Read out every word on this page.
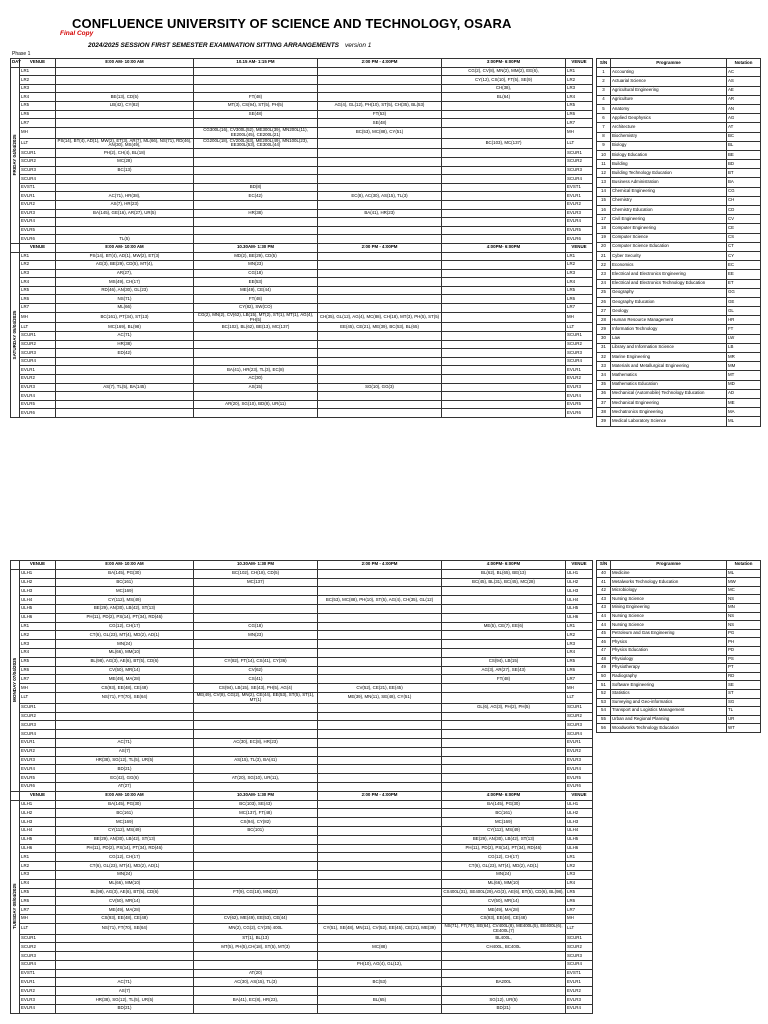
CONFLUENCE UNIVERSITY OF SCIENCE AND TECHNOLOGY, OSARA
Final Copy
2024/2025 SESSION FIRST SEMESTER EXAMINATION SITTING ARRANGEMENTS version 1
Phase 1
DAY	VENUE	8:00 AM- 10:00 AM	10.15 AM- 1:15 PM	2:00 PM - 4:00PM	3:00PM- 6:00PM	VENUE
FRIDAY 04/04/2025	LR1				CG(2), CV(8), MN(2), MM(2), EE(6),	LR1
	LR2				CY(12), CS(10), FT(5), SE(9)	LR2
	LR3				CH(38),	LR3
	LR4	BE(13), CD(5)	FT(48)		BL(64)	LR4
	LR5	LB(42), CY(82)	MT(3), CS(94), ST(5), PH(5)	AG(4), GL(12), PH(10), ST(5), CH(35), BL(53)		LR5
	LR6		SE(48)	FT(53)		LR6
	LR7			SE(48)		LR7
	MH		CG300L(16), CV300L(52), ME300L(39), MN200L(11), EE200L(45), CE200L(21)	BC(53), MC(88), CY(51)		MH
	LLT	PS(14), BT(4), AD(1), MW(2), ET(3), AR(7), ML(66), NS(71), RD(46), AN(30), MS(49),	CG200L(18), CV200L(63), ME200L(49), MN100L(23), EE300L(53), CE300L(44)		BC(103), MC(137)	LLT
	SCUR1	PH(2), CH(4), BL(18)				SCUR1
	SCUR2	MC(28)				SCUR2
	SCUR3	BC(13)				SCUR3
	SCUR4					SCUR4
	EVST1		BD(8)			EVST1
	EVLR1	AC(71), HR(38),	EC(42)	EC(8), AC(30), AS(15), TL(3)		EVLR1
	EVLR2	AS(7), HR(23)				EVLR2
	EVLR3	BA(145), GE(16), AR(27), UR(5)	HR(38)	BA(41), HR(23)		EVLR3
	EVLR4					EVLR4
	EVLR5					EVLR5
	EVLR6	TL(5)				EVLR6
	VENUE	8:00 AM- 10:00 AM	10.30AM- 1:30 PM	2:00 PM - 4:00PM	4:00PM- 6:00PM	VENUE
SATURDAY 05/04/2025	LR1	PS(14), BT(4), AD(1), MW(2), ET(3)	MD(2), BE(29), CD(5)			LR1
	LR2	AG(3), BE(29), CD(5), MT(4),	MN(23)			LR2
	LR3	AR(27),	CG(18)			LR3
	LR4	MS(49), CH(17)	EE(53)			LR4
	LR5	RD(46), AN(30), GL(23)	ME(49), CE(44)			LR5
	LR6	NS(71)	FT(48)			LR6
	LR7	ML(66)	CY(82), SW(CO)			LR7
	MH	BC(161), PT(34), ST(13)	CG(2), MN(2), CV(62), LB(15), MT(2), ST(1), MT(1), AG(4), PH(5)	CH(35), GL(12), AG(4), MC(88), CH(18), MT(3), PH(5), ST(5)		MH
	LLT	MC(169), BL(98)	BC(102), BL(62), BE(13), MC(137)	EE(45), CE(21), ME(39), BC(53), BL(65)		LLT
	SCUR1	AC(71)				SCUR1
	SCUR2	HR(38)				SCUR2
	SCUR3	ED(42)				SCUR3
	SCUR4					SCUR4
	EVLR1		BA(41), HR(23), TL(3), EC(8)			EVLR1
	EVLR2		AC(30)			EVLR2
	EVLR3	AS(7), TL(5), BA(145)	AS(15)	SG(10), GG(3)		EVLR3
	EVLR4					EVLR4
	EVLR5		AR(20), SG(10), BD(8), UR(11)			EVLR5
	EVLR6					EVLR6
S/N	Programme	Notation
1	Accounting	AC
2	Actuarial Science	AS
3	Agricultural Engineering	AE
4	Agriculture	AR
5	Anatomy	AN
6	Applied Geophysics	AG
7	Architecture	AT
8	Biochemistry	BC
9	Biology	BL
10	Biology Education	BE
11	Building	BD
12	Building Technology Education	BT
13	Business Administration	BA
14	Chemical Engineering	CG
15	Chemistry	CH
16	Chemistry Education	CD
17	Civil Engineering	CV
18	Computer Engineering	CE
19	Computer Science	CS
20	Computer Science Education	CT
21	Cyber Security	CY
22	Economics	EC
23	Electrical and Electronics Engineering	EE
24	Electrical and Electronics Technology Education	ET
25	Geography	GG
26	Geography Education	GE
27	Geology	GL
28	Human Resource Management	HR
29	Information Technology	FT
30	Law	LW
31	Library and Information Science	LB
32	Marine Engineering	MR
33	Materials and Metallurgical Engineering	MM
34	Mathematics	MT
35	Mathematics Education	MD
36	Mechanical (Automobile) Technology Education	AD
37	Mechanical Engineering	ME
38	Mechatronics Engineering	MA
39	Medical Laboratory Science	ML
	VENUE	8:00 AM- 10:00 AM	10.30AM- 1:30 PM	2:00 PM - 4:00PM	4:00PM- 6:00PM	VENUE
MONDAY 07/04/2025	ULH1	BA(145), PG(30)	BC(102), CH(18), CD(5)		BL(62), BL(65), BE(13)	ULH1
	ULH2	BC(161)	MC(137)		BC(45), BL(31), BC(45), MC(28)	ULH2
	ULH3	MC(169)				ULH3
	ULH4	CY(112), MS(49)		BC(53), MC(88), PH(10), ST(5), AG(4), CH(35), GL(12)		ULH4
	ULH5	BE(29), AN(30), LB(42), ST(13)				ULH5
	ULH6	PH(11), PD(2), PS(14), PT(34), RD(46)				ULH6
	LR1	CG(12), CH(17)	CG(18)		ME(5), CE(7), EE(6)	LR1
	LR2	CT(6), GL(23), MT(4), MD(2), AD(1)	MN(23)			LR2
	LR3	MN(24)				LR3
	LR4	ML(66), MM(10)				LR4
	LR5	BL(98), AG(3), AE(6), BT(5), CD(6)	CY(82), FT(14), CS(41), CY(36)		CS(94), LB(15)	LR5
	LR6	CV(50), MR(14)	CV(62)		AG(3), AR(27), SE(43)	LR6
	LR7	ME(49), MA(28)	CS(41)		FT(48)	LR7
	MH	CS(93), EE(48), CE(48)	CS(94), LB(15), SE(43), PH(5), AG(4)	CV(52), CE(21), EE(45)		MH
	LLT	NS(71), FT(70), SE(64)	ME(49), CV(8), CG(2), MN(2), CE(44), EE(53), ST(5), ST(1), MT(1)	ME(39), MN(11), SE(48), CY(51)		LLT
	SCUR1				GL(6), AG(3), PH(2), PH(5)	SCUR1
	SCUR2					SCUR2
	SCUR3					SCUR3
	SCUR4					SCUR4
	EVLR1	AC(71)	AC(30), EC(8), HR(23)			EVLR1
	EVLR2	AS(7)				EVLR2
	EVLR3	HR(38), SG(12), TL(5), UR(5)	AS(15), TL(3), BA(41)			EVLR3
	EVLR4	BD(21)				EVLR4
	EVLR5	EC(42), GG(6)	AT(20), SG(10), UR(11),			EVLR5
	EVLR6	AT(27)				EVLR6
	VENUE	8:00 AM- 10:00 AM	10.30AM- 1:30 PM	2:00 PM - 4:00PM	4:00PM- 6:00PM	VENUE
TUESDAY 08/04/2025	ULH1	BA(145), PG(30)	BC(103), SE(43)		BA(145), PG(30)	ULH1
	ULH2	BC(161)	MC(137), FT(48)		BC(161)	ULH2
	ULH3	MC(169)	CS(94), CY(82)		MC(169)	ULH3
	ULH4	CY(112), MS(49)	BC(101)		CY(112), MS(49)	ULH4
	ULH5	BE(29), AN(30), LB(42), ST(13)			BE(29), AN(30), LB(42), ST(13)	ULH5
	ULH6	PH(11), PD(2), PS(14), PT(34), RD(46)			PH(11), PD(2), PS(14), PT(34), RD(46)	ULH6
	LR1	CG(12), CH(17)			CG(12), CH(17)	LR1
	LR2	CT(6), GL(23), MT(4), MD(2), AD(1)			CT(6), GL(23), MT(4), MD(2), AD(1)	LR2
	LR3	MN(24)			MN(24)	LR3
	LR4	ML(66), MM(10)			ML(66), MM(10)	LR4
	LR5	BL(98), AG(3), AE(6), BT(5), CD(6)	FT(9), CG(18), MN(23)		CS400L(31), SE400L(29),AG(3), AE(6), BT(5), CD(6), BL(98),	LR5
	LR6	CV(50), MR(14)			CV(50), MR(14)	LR6
	LR7	ME(49), MA(28)			ME(49), MA(28)	LR7
	MH	CS(93), EE(48), CE(48)	CV(62), ME(49), EE(53), CE(44)		CS(93), EE(48), CE(48)	MH
	LLT	NS(71), FT(70), SE(64)	MN(2), CG(2), CY(25) 400L	CY(51), SE(48), MN(11), CV(52), EE(45), CE(21), ME(39)	NS(71), FT(70), SE(64), CV400L(8), ME400L(5), EE400L(6), CE400L(7)	LLT
	SCUR1		ST(1), BL(13)		BL400L,	SCUR1
	SCUR2		MT(5), PH(5),CH(18), ST(5), MT(3)	MC(88)	CH400L, BC400L	SCUR2
	SCUR3					SCUR3
	SCUR4			PH(10), AG(4), GL(12),		SCUR4
	EVST1		AT(20)			EVST1
	EVLR1	AC(71)	AC(30), AS(15), TL(3)	BC(53)	BA200L	EVLR1
	EVLR2	AS(7)				EVLR2
	EVLR3	HR(38), SG(12), TL(5), UR(5)	BA(41), EC(8), HR(23),	BL(65)	SG(12), UR(5)	EVLR3
	EVLR4	BD(21)			BD(21)	EVLR4
S/N	Programme	Notation
40	Medicine	ML
41	Metalworks Technology Education	MW
42	Microbiology	MC
43	Nursing Science	NS
43	Mining Engineering	MN
44	Nursing Science	NS
44	Nursing Science	NS
45	Petroleum and Gas Engineering	PG
46	Physics	PH
47	Physics Education	PD
48	Physiology	PS
49	Physiotherapy	PT
50	Radiography	RD
51	Software Engineering	SE
52	Statistics	ST
53	Surveying and Geo-informatics	SG
54	Transport and Logistics Management	TL
55	Urban and Regional Planning	UR
56	Woodworks Technology Education	WT
